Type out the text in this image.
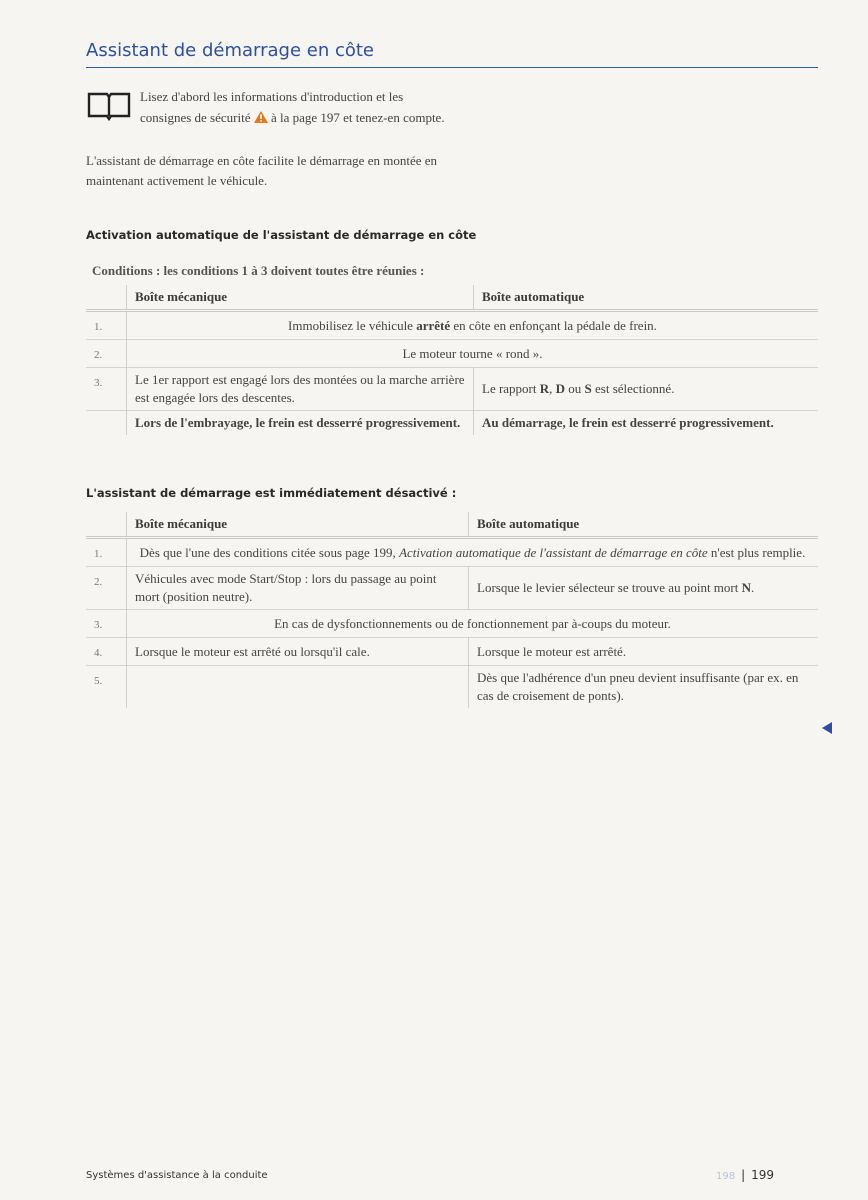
Assistant de démarrage en côte
Lisez d'abord les informations d'introduction et les consignes de sécurité à la page 197 et tenez-en compte.
L'assistant de démarrage en côte facilite le démarrage en montée en maintenant activement le véhicule.
Activation automatique de l'assistant de démarrage en côte
Conditions : les conditions 1 à 3 doivent toutes être réunies :
	Boîte mécanique	Boîte automatique
1.	Immobilisez le véhicule arrêté en côte en enfonçant la pédale de frein.	
2.	Le moteur tourne « rond ».	
3.	Le 1er rapport est engagé lors des montées ou la marche arrière est engagée lors des descentes.	Le rapport R, D ou S est sélectionné.
	Lors de l'embrayage, le frein est desserré progressivement.	Au démarrage, le frein est desserré progressivement.
L'assistant de démarrage est immédiatement désactivé :
	Boîte mécanique	Boîte automatique
1.	Dès que l'une des conditions citée sous page 199, Activation automatique de l'assistant de démarrage en côte n'est plus remplie.	
2.	Véhicules avec mode Start/Stop : lors du passage au point mort (position neutre).	Lorsque le levier sélecteur se trouve au point mort N.
3.	En cas de dysfonctionnements ou de fonctionnement par à-coups du moteur.	
4.	Lorsque le moteur est arrêté ou lorsqu'il cale.	Lorsque le moteur est arrêté.
5.		Dès que l'adhérence d'un pneu devient insuffisante (par ex. en cas de croisement de ponts).
Systèmes d'assistance à la conduite	198 | 199
